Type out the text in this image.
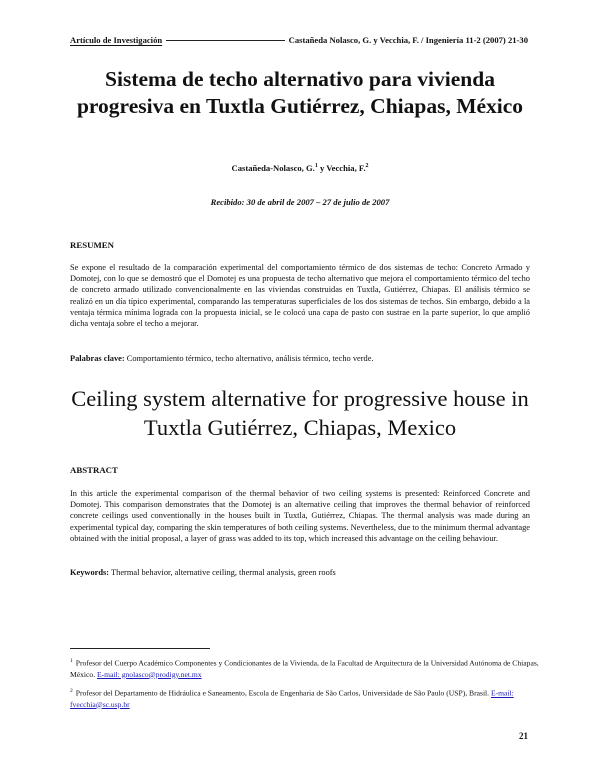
Artículo de Investigación	Castañeda Nolasco, G. y Vecchia, F. / Ingeniería 11-2 (2007) 21-30
Sistema de techo alternativo para vivienda progresiva en Tuxtla Gutiérrez, Chiapas, México
Castañeda-Nolasco, G.$^1$ y Vecchia, F.$^2$
Recibido: 30 de abril de 2007 – 27 de julio de 2007
RESUMEN
Se expone el resultado de la comparación experimental del comportamiento térmico de dos sistemas de techo: Concreto Armado y Domotej, con lo que se demostró que el Domotej es una propuesta de techo alternativo que mejora el comportamiento térmico del techo de concreto armado utilizado convencionalmente en las viviendas construidas en Tuxtla, Gutiérrez, Chiapas. El análisis térmico se realizó en un día típico experimental, comparando las temperaturas superficiales de los dos sistemas de techos. Sin embargo, debido a la ventaja térmica mínima lograda con la propuesta inicial, se le colocó una capa de pasto con sustrae en la parte superior, lo que amplió dicha ventaja sobre el techo a mejorar.
Palabras clave: Comportamiento térmico, techo alternativo, análisis térmico, techo verde.
Ceiling system alternative for progressive house in Tuxtla Gutiérrez, Chiapas, Mexico
ABSTRACT
In this article the experimental comparison of the thermal behavior of two ceiling systems is presented: Reinforced Concrete and Domotej. This comparison demonstrates that the Domotej is an alternative ceiling that improves the thermal behavior of reinforced concrete ceilings used conventionally in the houses built in Tuxtla, Gutiérrez, Chiapas. The thermal analysis was made during an experimental typical day, comparing the skin temperatures of both ceiling systems. Nevertheless, due to the minimum thermal advantage obtained with the initial proposal, a layer of grass was added to its top, which increased this advantage on the ceiling behaviour.
Keywords: Thermal behavior, alternative ceiling, thermal analysis, green roofs
$^1$ Profesor del Cuerpo Académico Componentes y Condicionantes de la Vivienda, de la Facultad de Arquitectura de la Universidad Autónoma de Chiapas, México. E-mail: gnolasco@prodigy.net.mx
$^2$ Profesor del Departamento de Hidráulica e Saneamento, Escola de Engenharia de São Carlos, Universidade de São Paulo (USP), Brasil. E-mail: fvecchia@sc.usp.br
21
